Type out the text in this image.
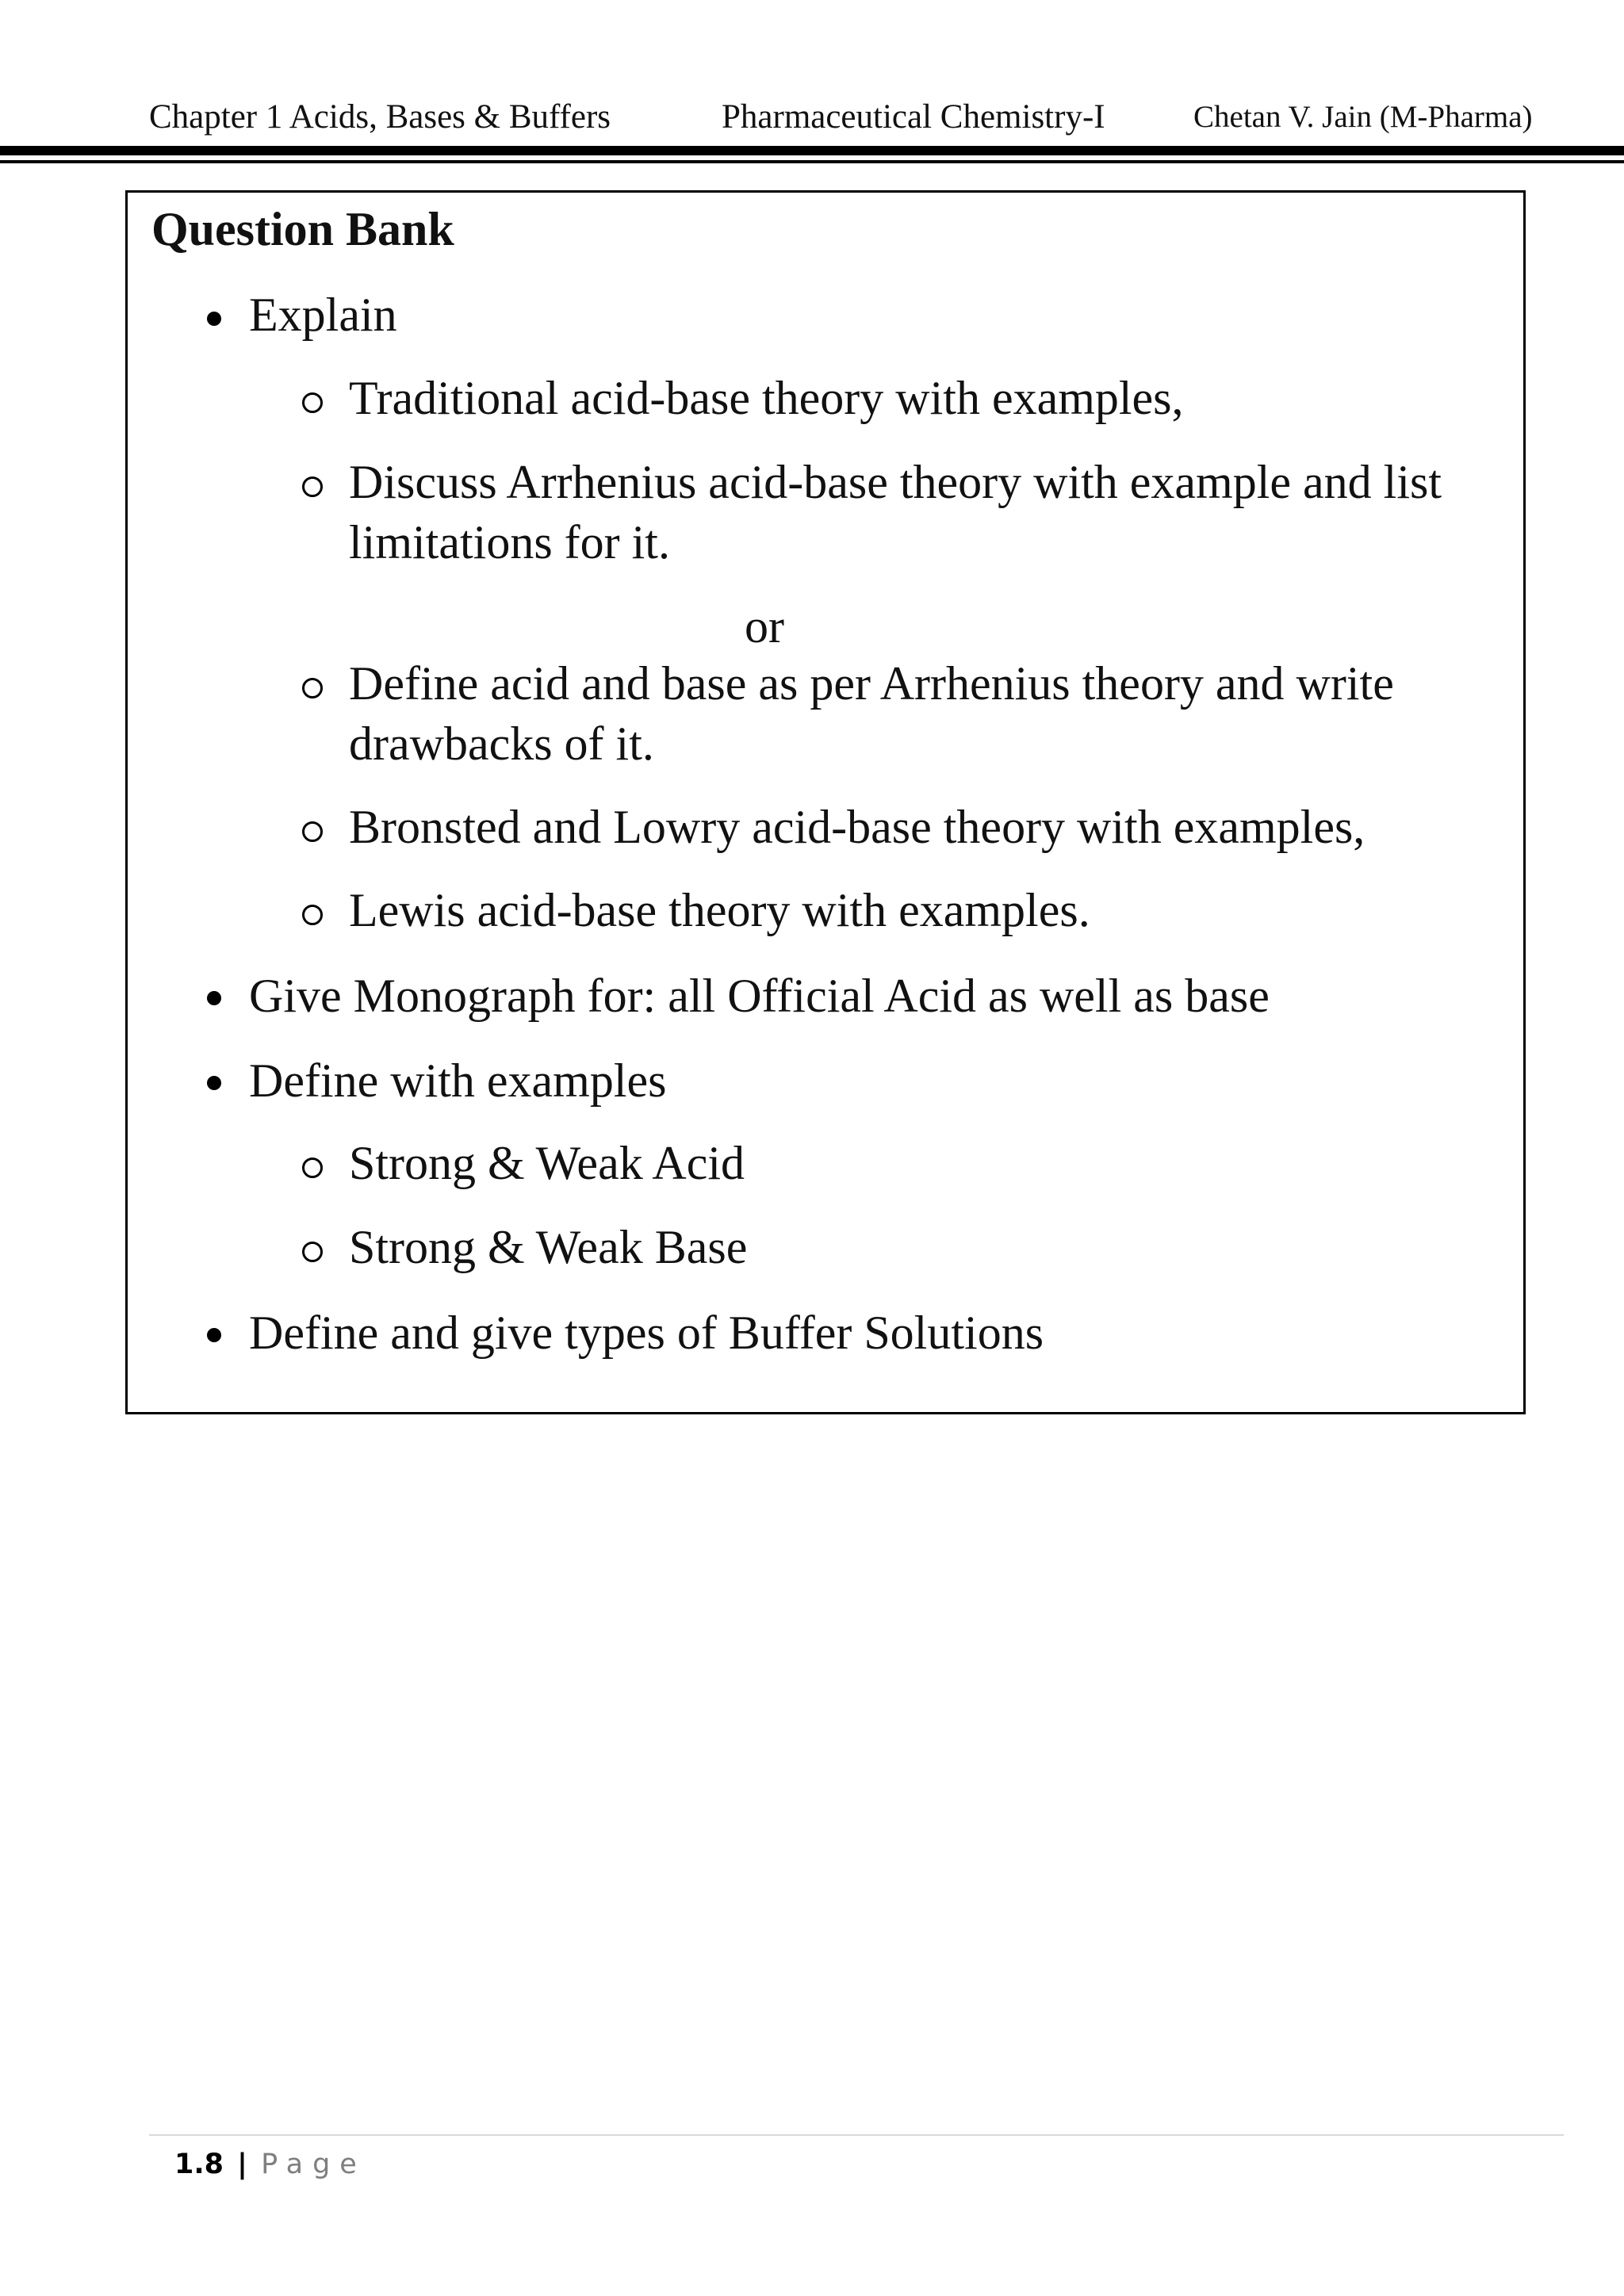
Chapter 1 Acids, Bases & Buffers	Pharmaceutical Chemistry-I	Chetan V. Jain (M-Pharma)
Question Bank
Explain
Traditional acid-base theory with examples,
Discuss Arrhenius acid-base theory with example and list
limitations for it.
or
Define acid and base as per Arrhenius theory and write
drawbacks of it.
Bronsted and Lowry acid-base theory with examples,
Lewis acid-base theory with examples.
Give Monograph for: all Official Acid as well as base
Define with examples
Strong & Weak Acid
Strong & Weak Base
Define and give types of Buffer Solutions
1.8 | Page
